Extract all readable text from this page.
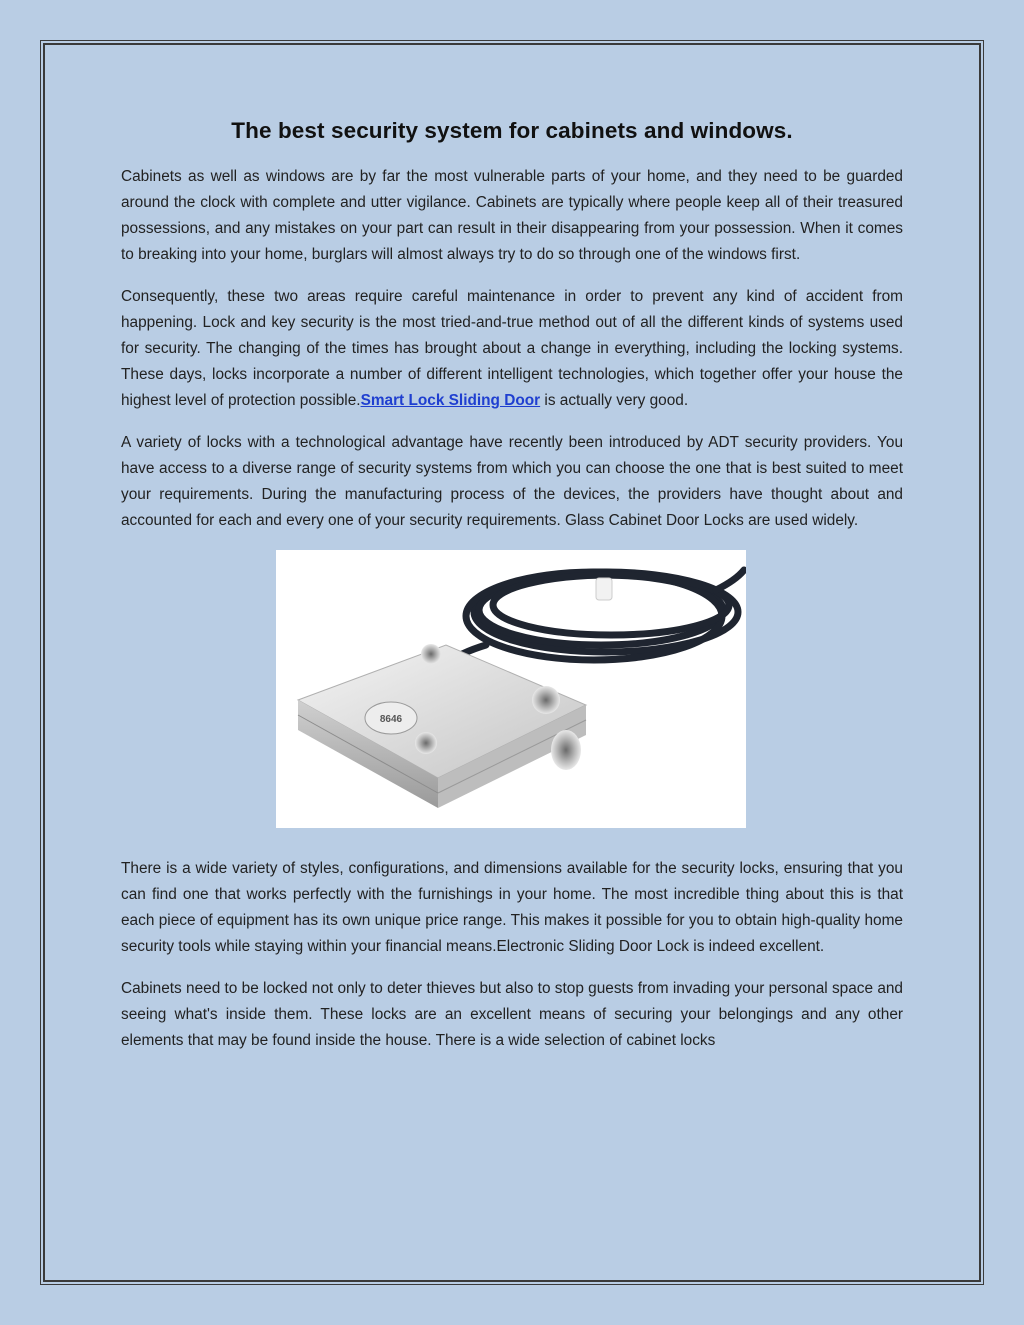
The best security system for cabinets and windows.

Cabinets as well as windows are by far the most vulnerable parts of your home, and they need to be guarded around the clock with complete and utter vigilance. Cabinets are typically where people keep all of their treasured possessions, and any mistakes on your part can result in their disappearing from your possession. When it comes to breaking into your home, burglars will almost always try to do so through one of the windows first.

Consequently, these two areas require careful maintenance in order to prevent any kind of accident from happening. Lock and key security is the most tried-and-true method out of all the different kinds of systems used for security. The changing of the times has brought about a change in everything, including the locking systems. These days, locks incorporate a number of different intelligent technologies, which together offer your house the highest level of protection possible.Smart Lock Sliding Door is actually very good.

A variety of locks with a technological advantage have recently been introduced by ADT security providers. You have access to a diverse range of security systems from which you can choose the one that is best suited to meet your requirements. During the manufacturing process of the devices, the providers have thought about and accounted for each and every one of your security requirements. Glass Cabinet Door Locks are used widely.

8646

There is a wide variety of styles, configurations, and dimensions available for the security locks, ensuring that you can find one that works perfectly with the furnishings in your home. The most incredible thing about this is that each piece of equipment has its own unique price range. This makes it possible for you to obtain high-quality home security tools while staying within your financial means.Electronic Sliding Door Lock is indeed excellent.

Cabinets need to be locked not only to deter thieves but also to stop guests from invading your personal space and seeing what's inside them. These locks are an excellent means of securing your belongings and any other elements that may be found inside the house. There is a wide selection of cabinet locks
